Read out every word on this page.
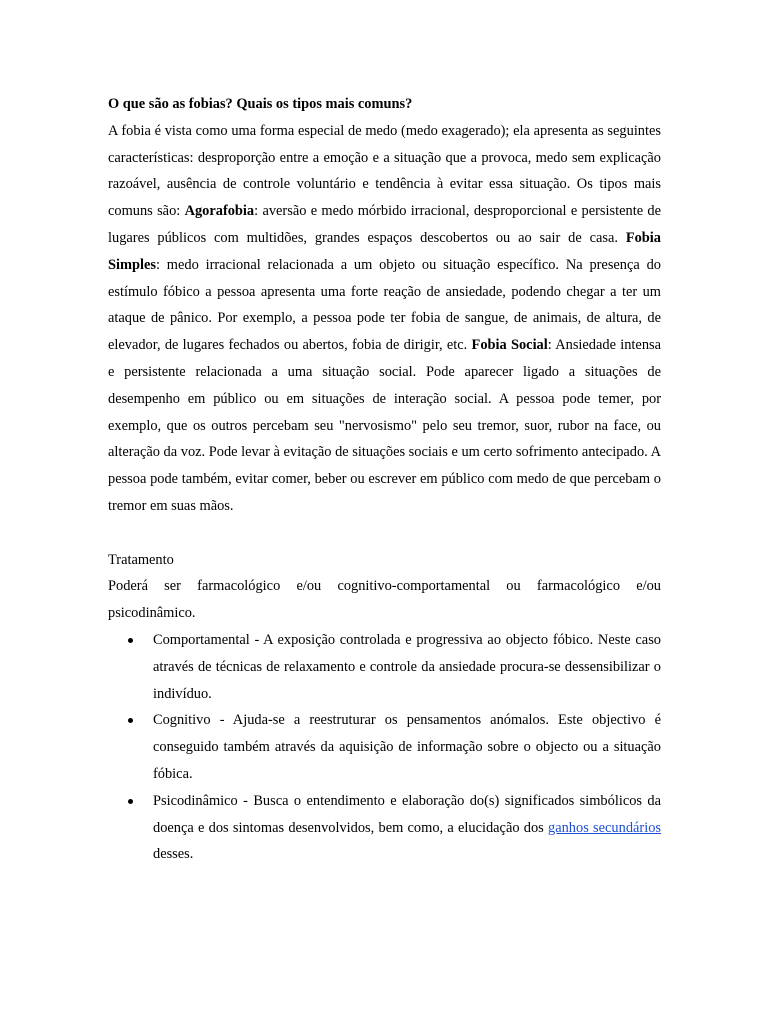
O que são as fobias? Quais os tipos mais comuns?

A fobia é vista como uma forma especial de medo (medo exagerado); ela apresenta as seguintes características: desproporção entre a emoção e a situação que a provoca, medo sem explicação razoável, ausência de controle voluntário e tendência à evitar essa situação. Os tipos mais comuns são: Agorafobia: aversão e medo mórbido irracional, desproporcional e persistente de lugares públicos com multidões, grandes espaços descobertos ou ao sair de casa. Fobia Simples: medo irracional relacionada a um objeto ou situação específico. Na presença do estímulo fóbico a pessoa apresenta uma forte reação de ansiedade, podendo chegar a ter um ataque de pânico. Por exemplo, a pessoa pode ter fobia de sangue, de animais, de altura, de elevador, de lugares fechados ou abertos, fobia de dirigir, etc. Fobia Social: Ansiedade intensa e persistente relacionada a uma situação social. Pode aparecer ligado a situações de desempenho em público ou em situações de interação social. A pessoa pode temer, por exemplo, que os outros percebam seu "nervosismo" pelo seu tremor, suor, rubor na face, ou alteração da voz. Pode levar à evitação de situações sociais e um certo sofrimento antecipado. A pessoa pode também, evitar comer, beber ou escrever em público com medo de que percebam o tremor em suas mãos.

Tratamento

Poderá ser farmacológico e/ou cognitivo-comportamental ou farmacológico e/ou psicodinâmico.

Comportamental - A exposição controlada e progressiva ao objecto fóbico. Neste caso através de técnicas de relaxamento e controle da ansiedade procura-se dessensibilizar o indivíduo.
Cognitivo - Ajuda-se a reestruturar os pensamentos anómalos. Este objectivo é conseguido também através da aquisição de informação sobre o objecto ou a situação fóbica.
Psicodinâmico - Busca o entendimento e elaboração do(s) significados simbólicos da doença e dos sintomas desenvolvidos, bem como, a elucidação dos ganhos secundários desses.
